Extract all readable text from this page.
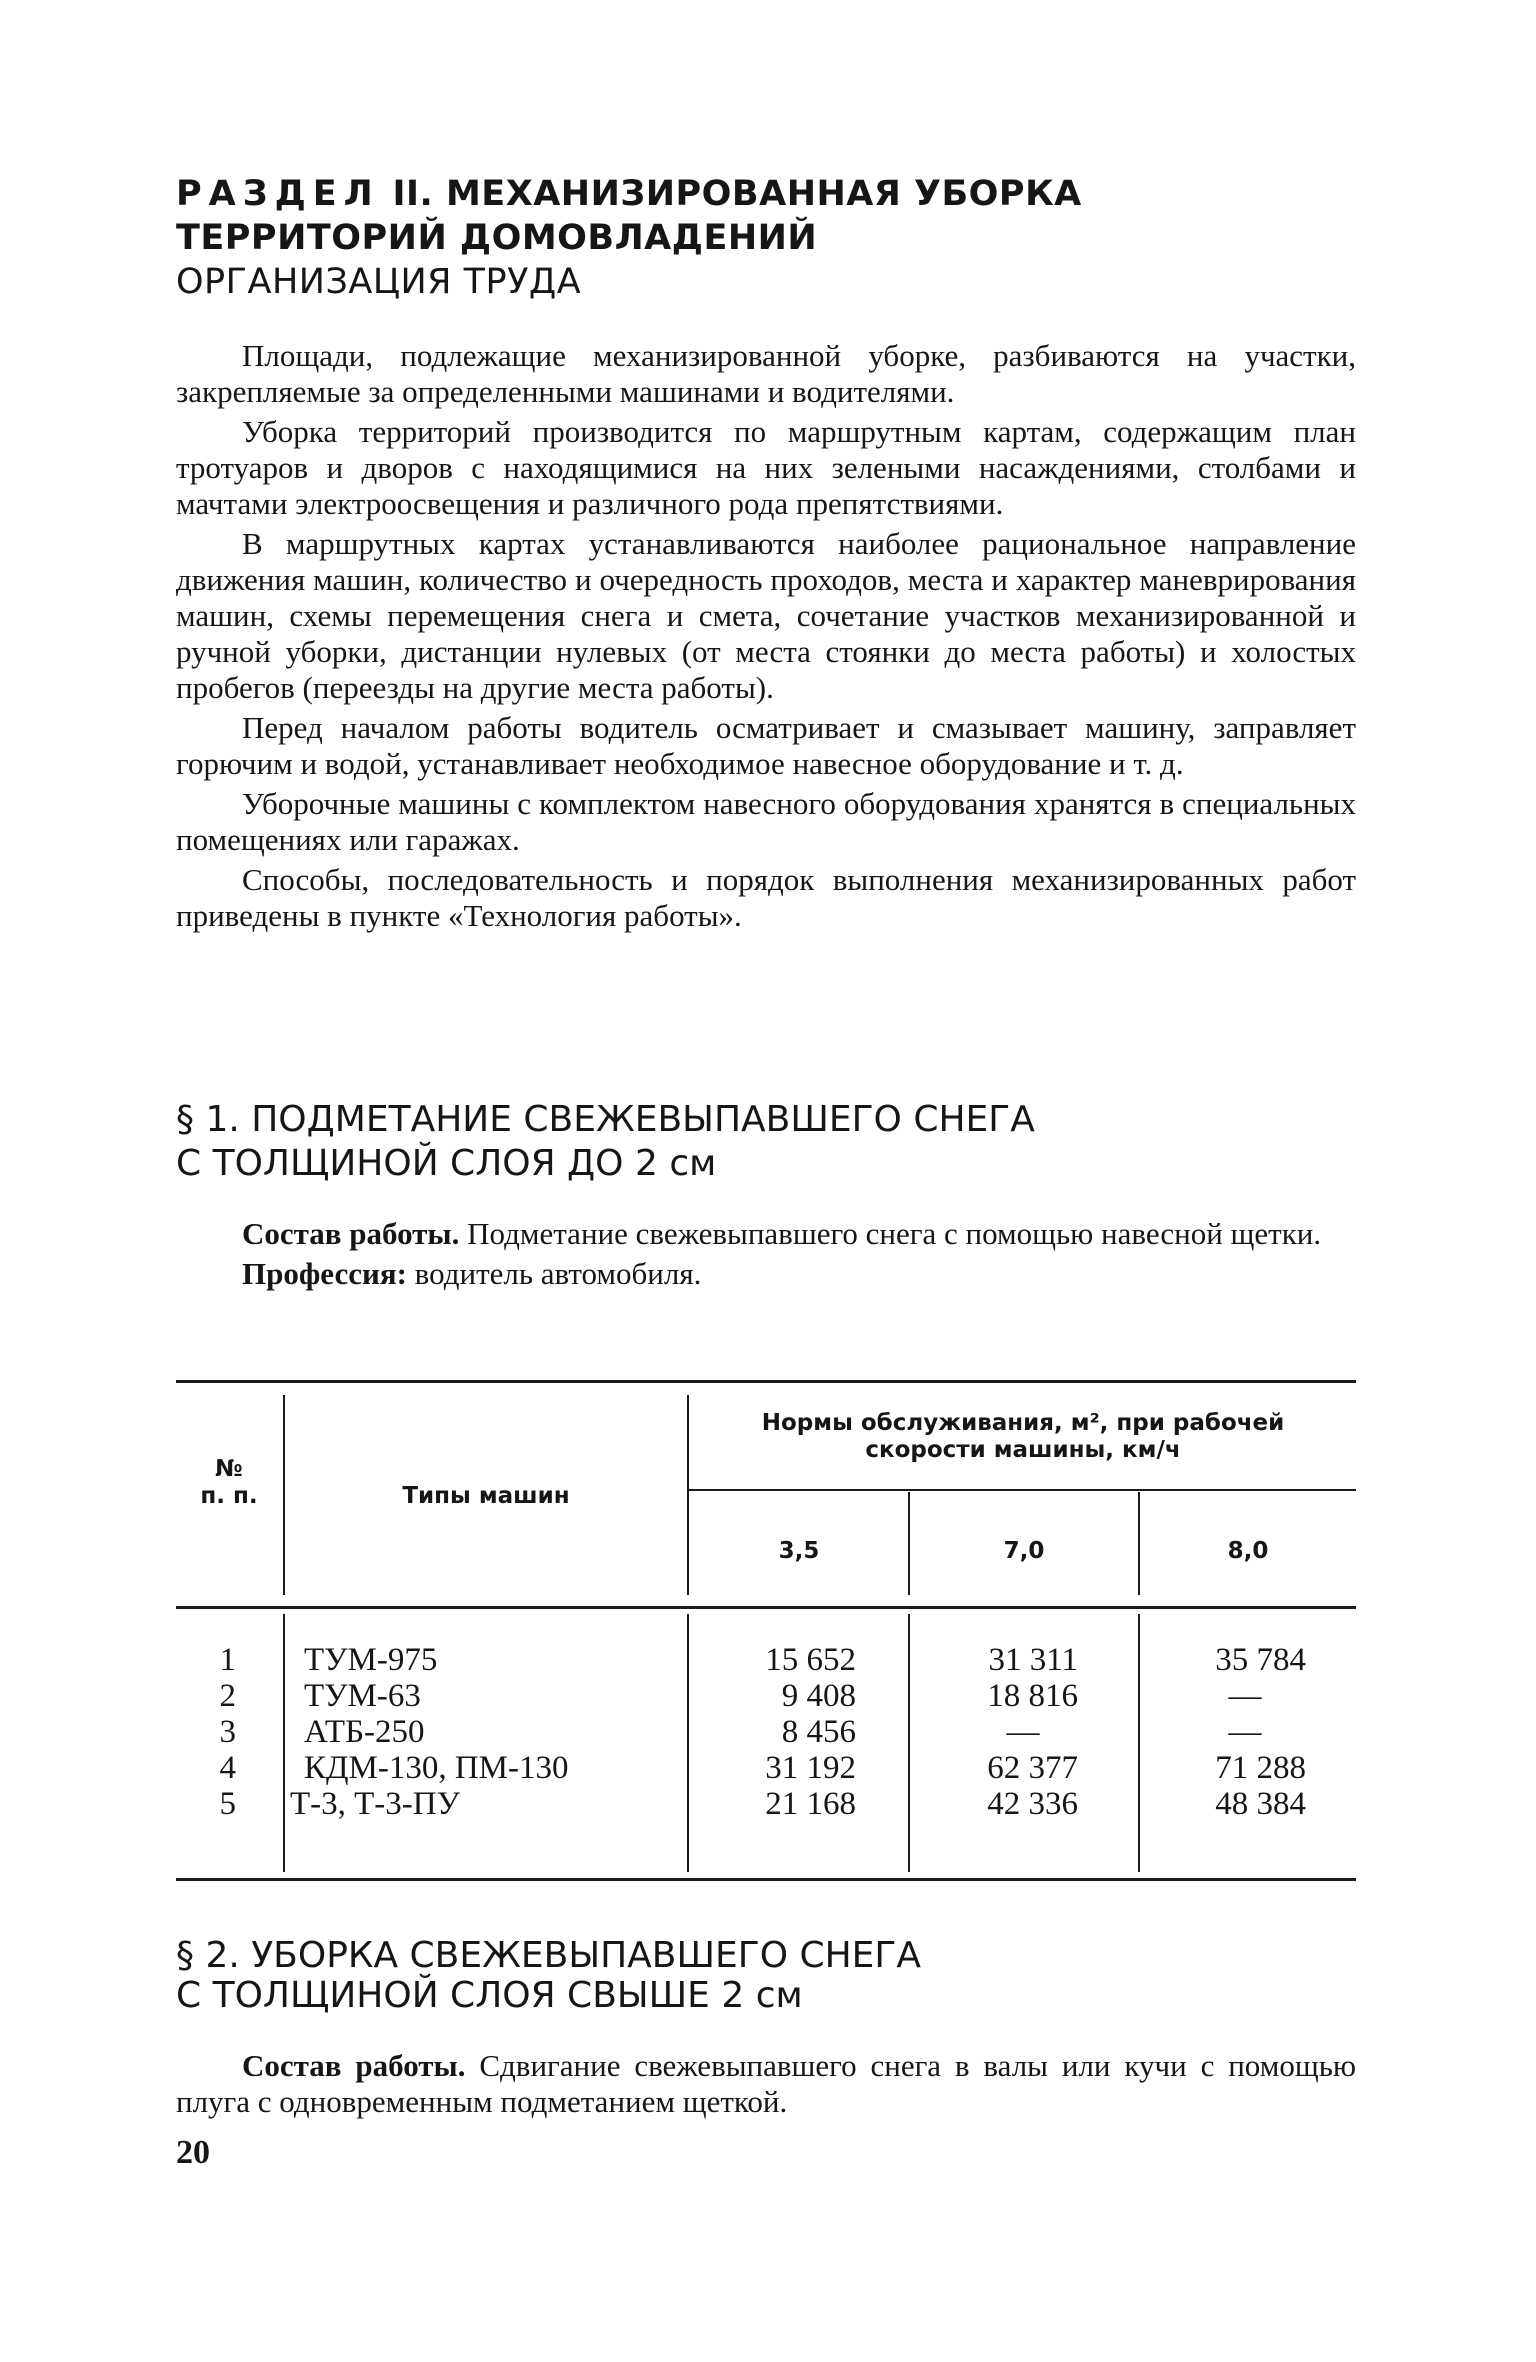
РАЗДЕЛ II. МЕХАНИЗИРОВАННАЯ УБОРКА
ТЕРРИТОРИЙ ДОМОВЛАДЕНИЙ
ОРГАНИЗАЦИЯ ТРУДА

Площади, подлежащие механизированной уборке, разбиваются на участки, закрепляемые за определенными машинами и водителями.

Уборка территорий производится по маршрутным картам, содержащим план тротуаров и дворов с находящимися на них зелеными насаждениями, столбами и мачтами электроосвещения и различного рода препятствиями.

В маршрутных картах устанавливаются наиболее рациональное направление движения машин, количество и очередность проходов, места и характер маневрирования машин, схемы перемещения снега и смета, сочетание участков механизированной и ручной уборки, дистанции нулевых (от места стоянки до места работы) и холостых пробегов (переезды на другие места работы).

Перед началом работы водитель осматривает и смазывает машину, заправляет горючим и водой, устанавливает необходимое навесное оборудование и т. д.

Уборочные машины с комплектом навесного оборудования хранятся в специальных помещениях или гаражах.

Способы, последовательность и порядок выполнения механизированных работ приведены в пункте «Технология работы».

§ 1. ПОДМЕТАНИЕ СВЕЖЕВЫПАВШЕГО СНЕГА
С ТОЛЩИНОЙ СЛОЯ ДО 2 см

Состав работы. Подметание свежевыпавшего снега с помощью навесной щетки.

Профессия: водитель автомобиля.

№
п. п.	Типы машин
Нормы обслуживания, м², при рабочей
скорости машины, км/ч
3,5	7,0	8,0
1 ТУМ-975	15 652	31 311	35 784
2 ТУМ-63	9 408	18 816	—
3 АТБ-250	8 456	—	—
4 КДМ-130, ПМ-130	31 192	62 377	71 288
5 Т-3, Т-3-ПУ	21 168	42 336	48 384
§ 2. УБОРКА СВЕЖЕВЫПАВШЕГО СНЕГА
С ТОЛЩИНОЙ СЛОЯ СВЫШЕ 2 см

Состав работы. Сдвигание свежевыпавшего снега в валы или кучи с помощью плуга с одновременным подметанием щеткой.

20
